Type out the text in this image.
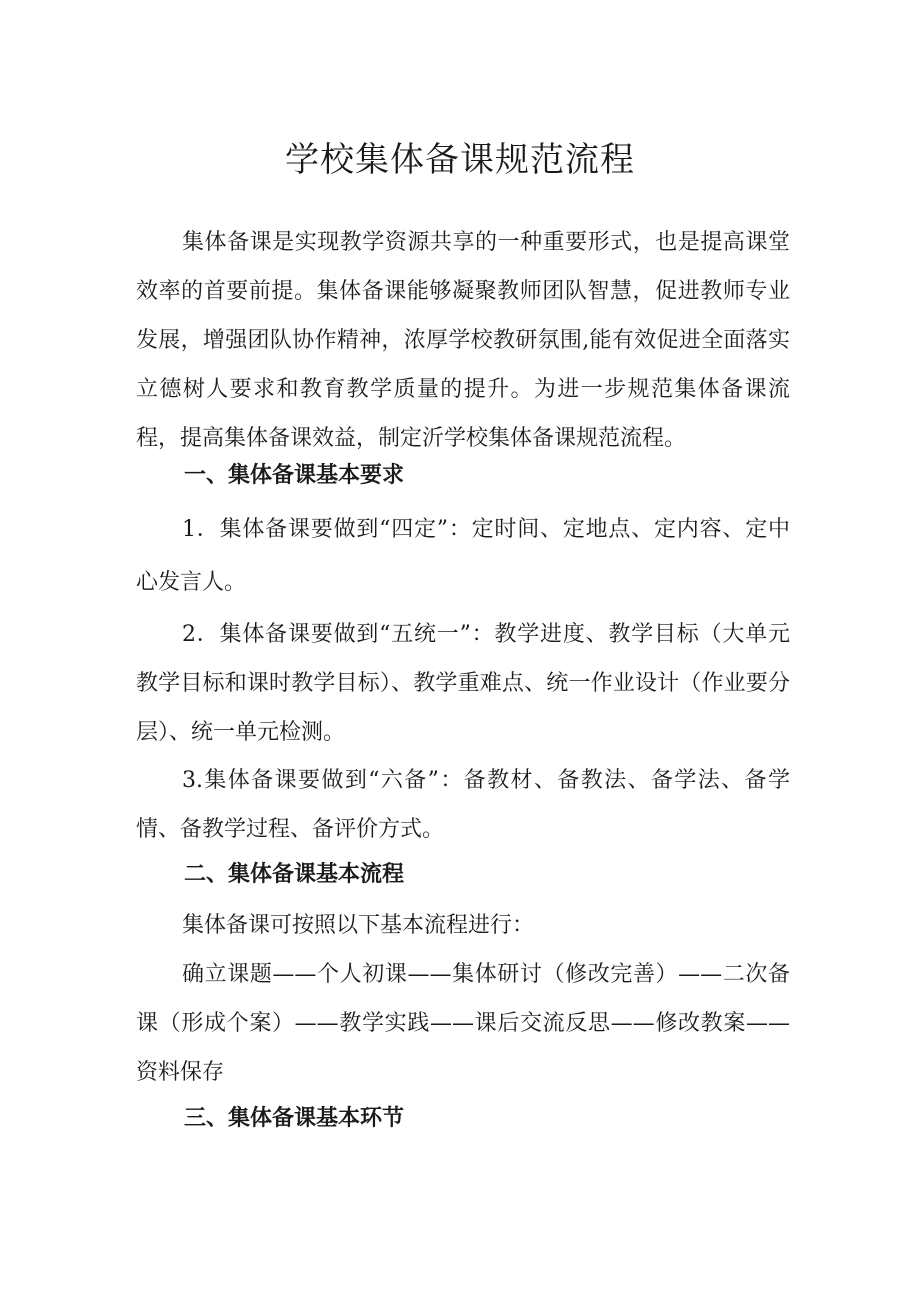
学校集体备课规范流程

集体备课是实现教学资源共享的一种重要形式，也是提高课堂效率的首要前提。集体备课能够凝聚教师团队智慧，促进教师专业发展，增强团队协作精神，浓厚学校教研氛围,能有效促进全面落实立德树人要求和教育教学质量的提升。为进一步规范集体备课流程，提高集体备课效益，制定沂学校集体备课规范流程。

一、集体备课基本要求

1．集体备课要做到“四定”：定时间、定地点、定内容、定中心发言人。

2．集体备课要做到“五统一”：教学进度、教学目标（大单元教学目标和课时教学目标）、教学重难点、统一作业设计（作业要分层）、统一单元检测。

3.集体备课要做到“六备”：备教材、备教法、备学法、备学情、备教学过程、备评价方式。

二、集体备课基本流程

集体备课可按照以下基本流程进行：

确立课题——个人初课——集体研讨（修改完善）——二次备课（形成个案）——教学实践——课后交流反思——修改教案——资料保存

三、集体备课基本环节
